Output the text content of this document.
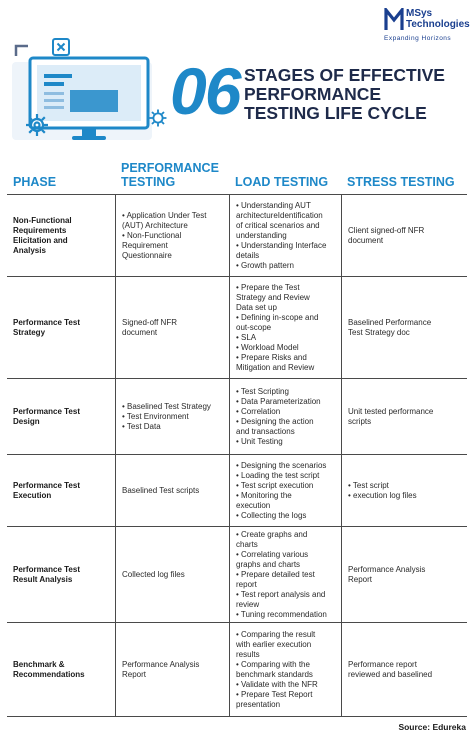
MSys
Technologies
Expanding Horizons
06 STAGES OF EFFECTIVE
PERFORMANCE
TESTING LIFE CYCLE
PHASE
PERFORMANCE
TESTING	LOAD TESTING	STRESS TESTING
Non-Functional
Requirements
Elicitation and
Analysis
• Application Under Test
(AUT) Architecture
• Non-Functional
Requirement
Questionnaire
• Understanding AUT
architectureIdentification
of critical scenarios and
understanding
• Understanding Interface
details
• Growth pattern
Client signed-off NFR
document
Performance Test
Strategy
Signed-off NFR
document
• Prepare the Test
Strategy and Review
Data set up
• Defining in-scope and
out-scope
• SLA
• Workload Model
• Prepare Risks and
Mitigation and Review
Baselined Performance
Test Strategy doc
Performance Test
Design
• Baselined Test Strategy
• Test Environment
• Test Data
• Test Scripting
• Data Parameterization
• Correlation
• Designing the action
and transactions
• Unit Testing
Unit tested performance
scripts
Performance Test
Execution
Baselined Test scripts
• Designing the scenarios
• Loading the test script
• Test script execution
• Monitoring the
execution
• Collecting the logs
• Test script
• execution log files
Performance Test
Result Analysis
Collected log files
• Create graphs and
charts
• Correlating various
graphs and charts
• Prepare detailed test
report
• Test report analysis and
review
• Tuning recommendation
Performance Analysis
Report
Benchmark &
Recommendations
Performance Analysis
Report
• Comparing the result
with earlier execution
results
• Comparing with the
benchmark standards
• Validate with the NFR
• Prepare Test Report
presentation
Performance report
reviewed and baselined
Source: Edureka
